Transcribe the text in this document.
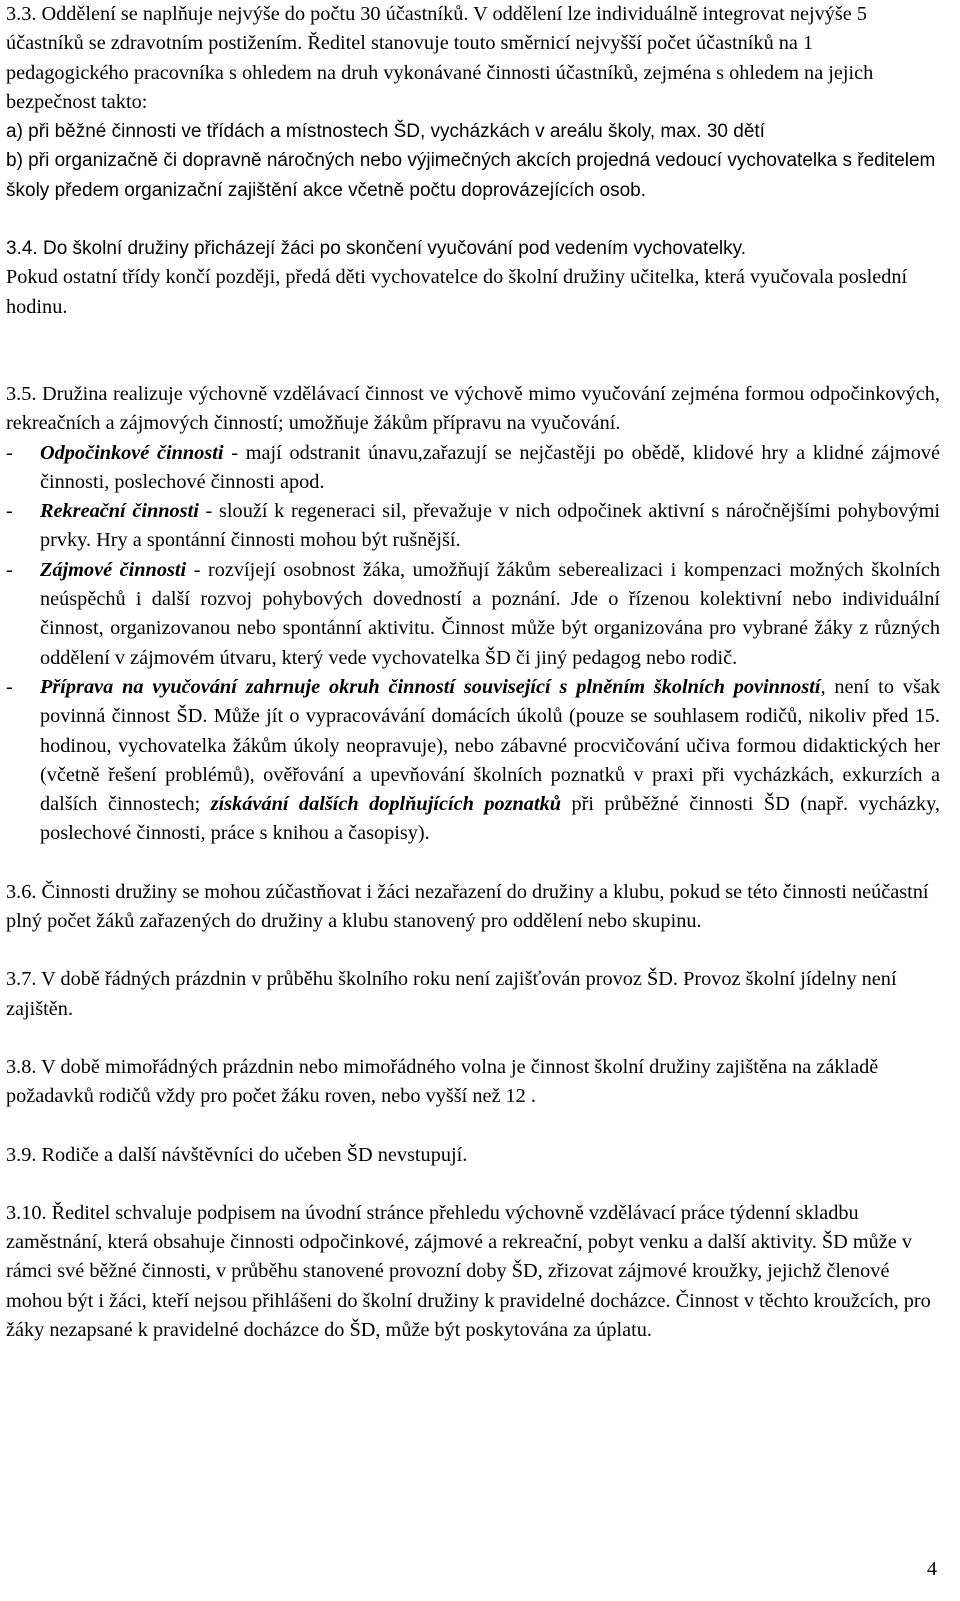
3.3. Oddělení se naplňuje nejvýše do počtu 30 účastníků. V oddělení lze individuálně integrovat nejvýše 5 účastníků se zdravotním postižením. Ředitel stanovuje touto směrnicí nejvyšší počet účastníků na 1 pedagogického pracovníka s ohledem na druh vykonávané činnosti účastníků, zejména s ohledem na jejich bezpečnost takto:

a) při běžné činnosti ve třídách a místnostech ŠD, vycházkách v areálu školy, max. 30 dětí

b) při organizačně či dopravně náročných nebo výjimečných akcích projedná vedoucí vychovatelka s ředitelem školy předem organizační zajištění akce včetně počtu doprovázejících osob.

3.4. Do školní družiny přicházejí žáci po skončení vyučování pod vedením vychovatelky.

Pokud ostatní třídy končí později, předá děti vychovatelce do školní družiny učitelka, která vyučovala poslední hodinu.

3.5. Družina realizuje výchovně vzdělávací činnost ve výchově mimo vyučování zejména formou odpočinkových, rekreačních a zájmových činností; umožňuje žákům přípravu na vyučování.

- Odpočinkové činnosti - mají odstranit únavu,zařazují se nejčastěji po obědě, klidové hry a klidné zájmové činnosti, poslechové činnosti apod.
- Rekreační činnosti - slouží k regeneraci sil, převažuje v nich odpočinek aktivní s náročnějšími pohybovými prvky. Hry a spontánní činnosti mohou být rušnější.
- Zájmové činnosti - rozvíjejí osobnost žáka, umožňují žákům seberealizaci i kompenzaci možných školních neúspěchů i další rozvoj pohybových dovedností a poznání. Jde o řízenou kolektivní nebo individuální činnost, organizovanou nebo spontánní aktivitu. Činnost může být organizována pro vybrané žáky z různých oddělení v zájmovém útvaru, který vede vychovatelka ŠD či jiný pedagog nebo rodič.
- Příprava na vyučování zahrnuje okruh činností související s plněním školních povinností, není to však povinná činnost ŠD. Může jít o vypracovávání domácích úkolů (pouze se souhlasem rodičů, nikoliv před 15. hodinou, vychovatelka žákům úkoly neopravuje), nebo zábavné procvičování učiva formou didaktických her (včetně řešení problémů), ověřování a upevňování školních poznatků v praxi při vycházkách, exkurzích a dalších činnostech; získávání dalších doplňujících poznatků při průběžné činnosti ŠD (např. vycházky, poslechové činnosti, práce s knihou a časopisy).

3.6. Činnosti družiny se mohou zúčastňovat i žáci nezařazení do družiny a klubu, pokud se této činnosti neúčastní plný počet žáků zařazených do družiny a klubu stanovený pro oddělení nebo skupinu.

3.7. V době řádných prázdnin v průběhu školního roku není zajišťován provoz ŠD. Provoz školní jídelny není zajištěn.

3.8. V době mimořádných prázdnin nebo mimořádného volna je činnost školní družiny zajištěna na základě požadavků rodičů vždy pro počet žáku roven, nebo vyšší než 12 .

3.9. Rodiče a další návštěvníci do učeben ŠD nevstupují.

3.10. Ředitel schvaluje podpisem na úvodní stránce přehledu výchovně vzdělávací práce týdenní skladbu zaměstnání, která obsahuje činnosti odpočinkové, zájmové a rekreační, pobyt venku a další aktivity. ŠD může v rámci své běžné činnosti, v průběhu stanovené provozní doby ŠD, zřizovat zájmové kroužky, jejichž členové mohou být i žáci, kteří nejsou přihlášeni do školní družiny k pravidelné docházce. Činnost v těchto kroužcích, pro žáky nezapsané k pravidelné docházce do ŠD, může být poskytována za úplatu.

4
